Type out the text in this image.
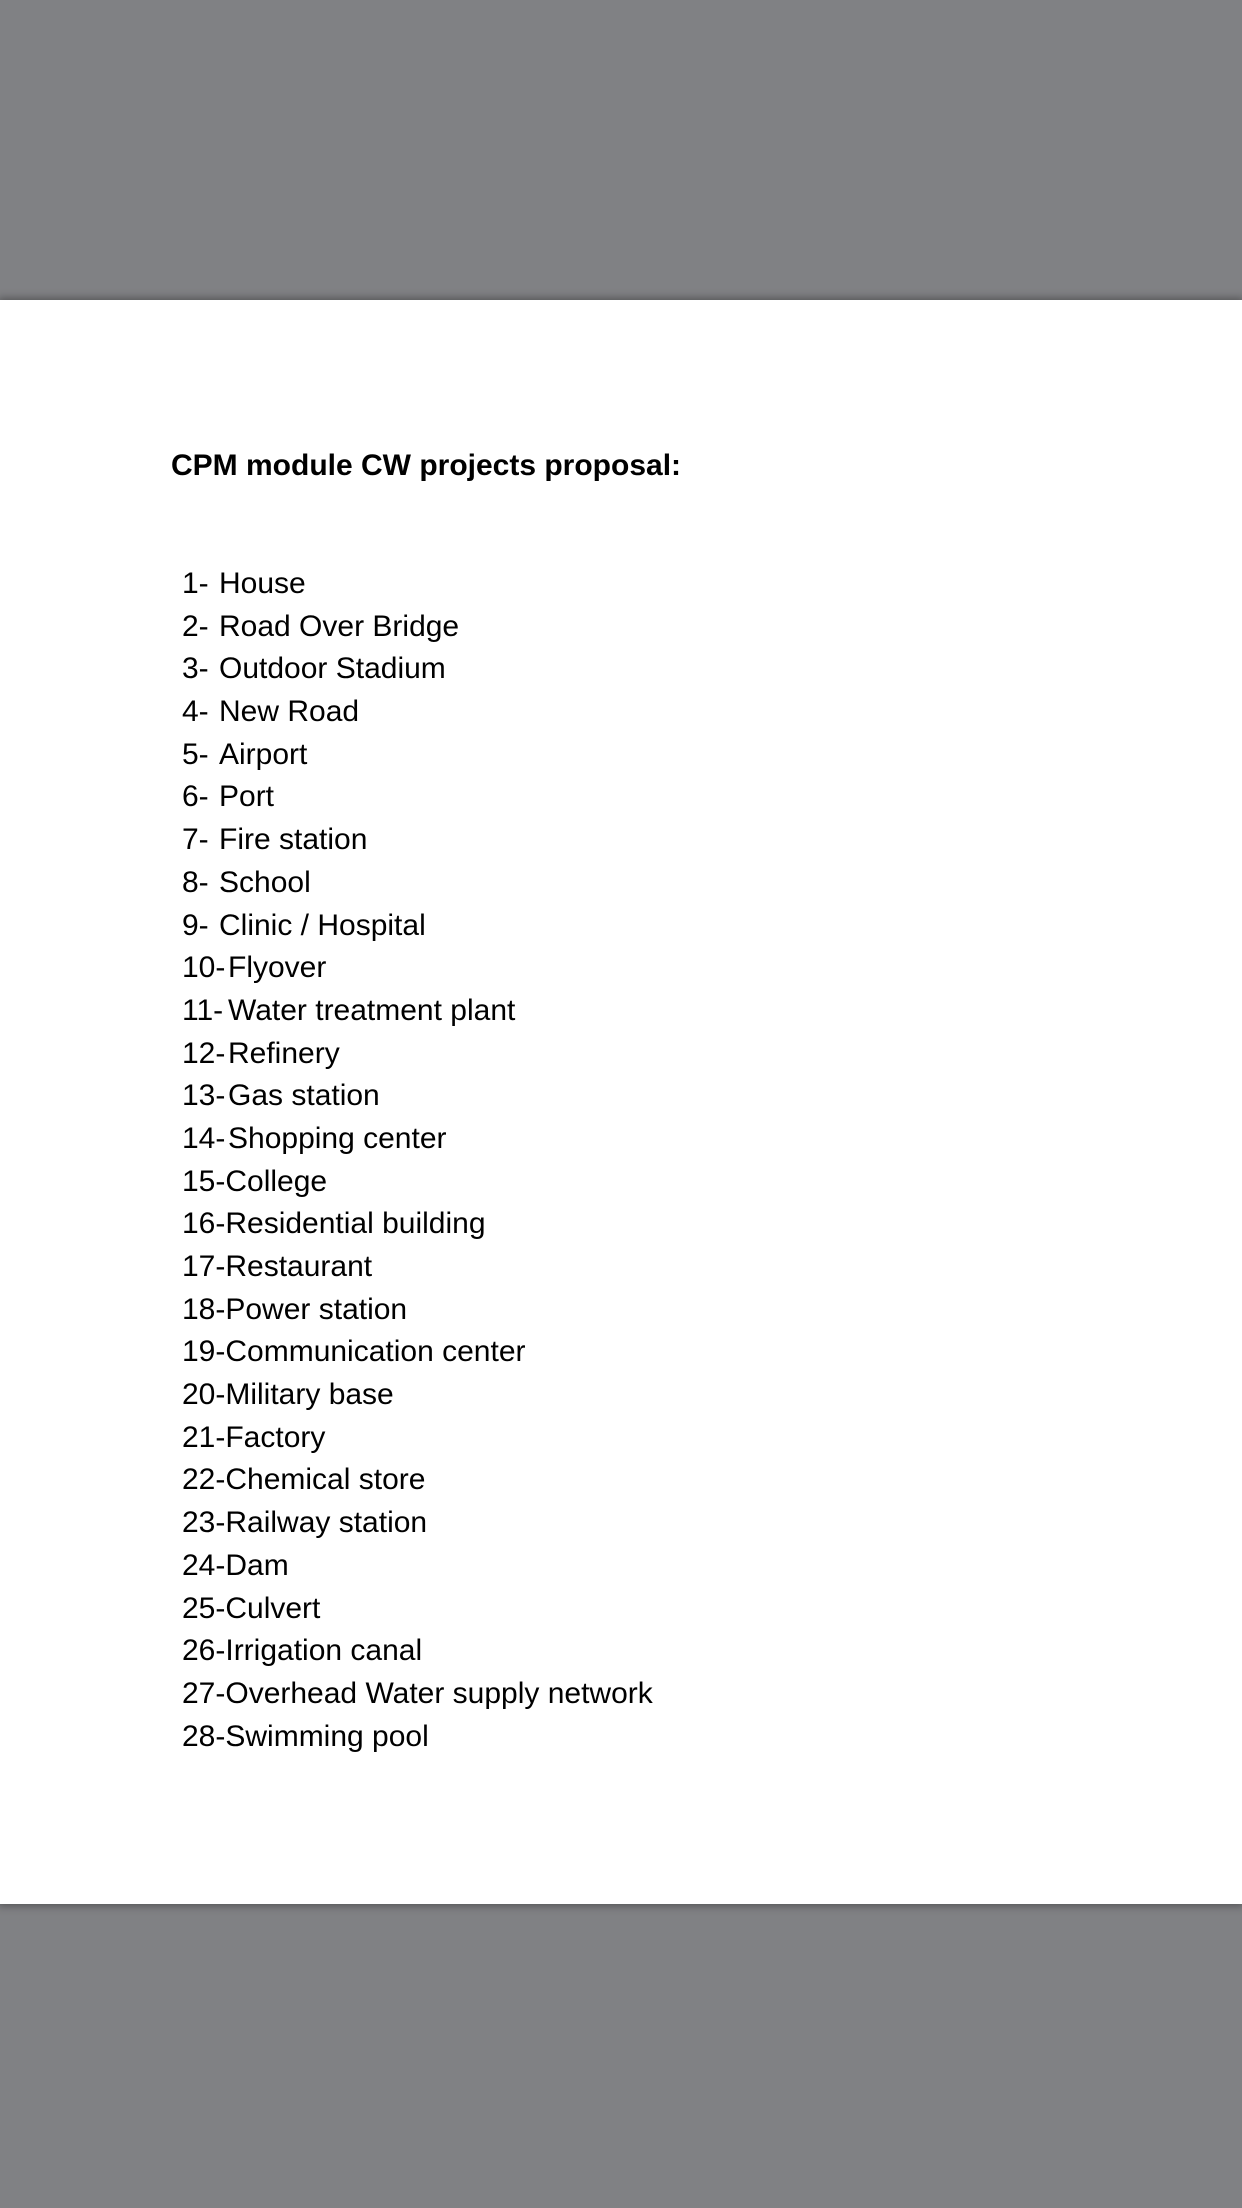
CPM module CW projects proposal:
1- House
2- Road Over Bridge
3- Outdoor Stadium
4- New Road
5- Airport
6- Port
7- Fire station
8- School
9- Clinic / Hospital
10- Flyover
11- Water treatment plant
12- Refinery
13- Gas station
14- Shopping center
15- College
16- Residential building
17- Restaurant
18- Power station
19- Communication center
20- Military base
21- Factory
22- Chemical store
23- Railway station
24- Dam
25- Culvert
26- Irrigation canal
27- Overhead Water supply network
28- Swimming pool
